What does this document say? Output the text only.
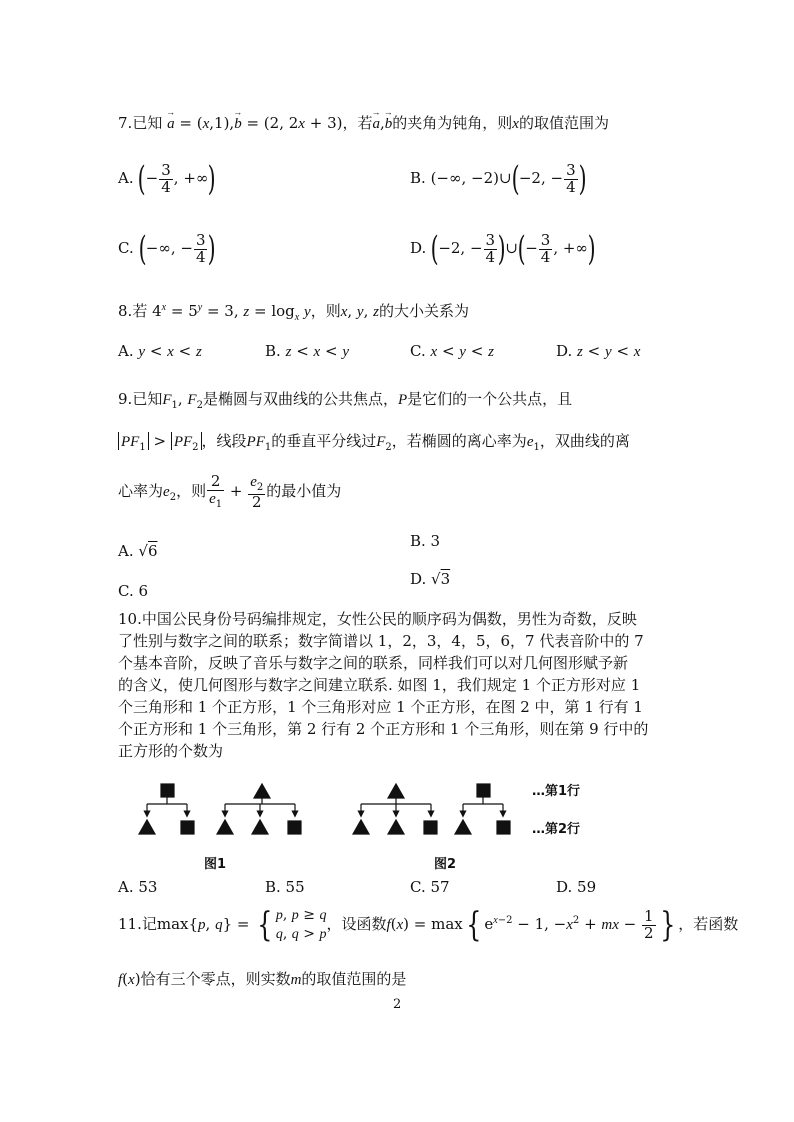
7.已知 → a = (x,1),→ b = (2, 2x + 3)，若→ a,→ b的夹角为钝角，则x的取值范围为
A. (− $\frac{3}{4}$ , +∞)	B. (−∞, −2)∪(−2, − $\frac{3}{4}$ )
C. (−∞, − $\frac{3}{4}$ )	D. (−2, − $\frac{3}{4}$ )∪(− $\frac{3}{4}$ , +∞)
8.若 $4^x = 5^y = 3$, $z = \log_x y$，则x, y, z的大小关系为
A. y < x < z	B. z < x < y	C. x < y < z	D. z < y < x
9.已知$F_1$, $F_2$是椭圆与双曲线的公共焦点，P是它们的一个公共点，且
$PF_1 > PF_2$ ，线段$PF_1$的垂直平分线过$F_2$，若椭圆的离心率为$e_1$，双曲线的离
心率为$e_2$，则 $\frac{2}{e_1} + \frac{e_2}{2}$ 的最小值为
A. √6
B. 3
C. 6
D. √3
10.中国公民身份号码编排规定，女性公民的顺序码为偶数，男性为奇数，反映
了性别与数字之间的联系；数字简谱以 1，2，3，4，5，6，7 代表音阶中的 7
个基本音阶，反映了音乐与数字之间的联系，同样我们可以对几何图形赋予新
的含义，使几何图形与数字之间建立联系. 如图 1，我们规定 1 个正方形对应 1
个三角形和 1 个正方形，1 个三角形对应 1 个正方形，在图 2 中，第 1 行有 1
个正方形和 1 个三角形，第 2 行有 2 个正方形和 1 个三角形，则在第 9 行中的
正方形的个数为
…第1行
…第2行
图1	图2
A. 53	B. 55	C. 57	D. 59
11.记max{p, q} = { p, p ≥ q
q, q > p
，设函数f(x) = max{ $e^{x-2} - 1$, $-x^2$ + mx − $\frac{1}{2}$ } ，若函数
f(x)恰有三个零点，则实数m的取值范围的是
2
